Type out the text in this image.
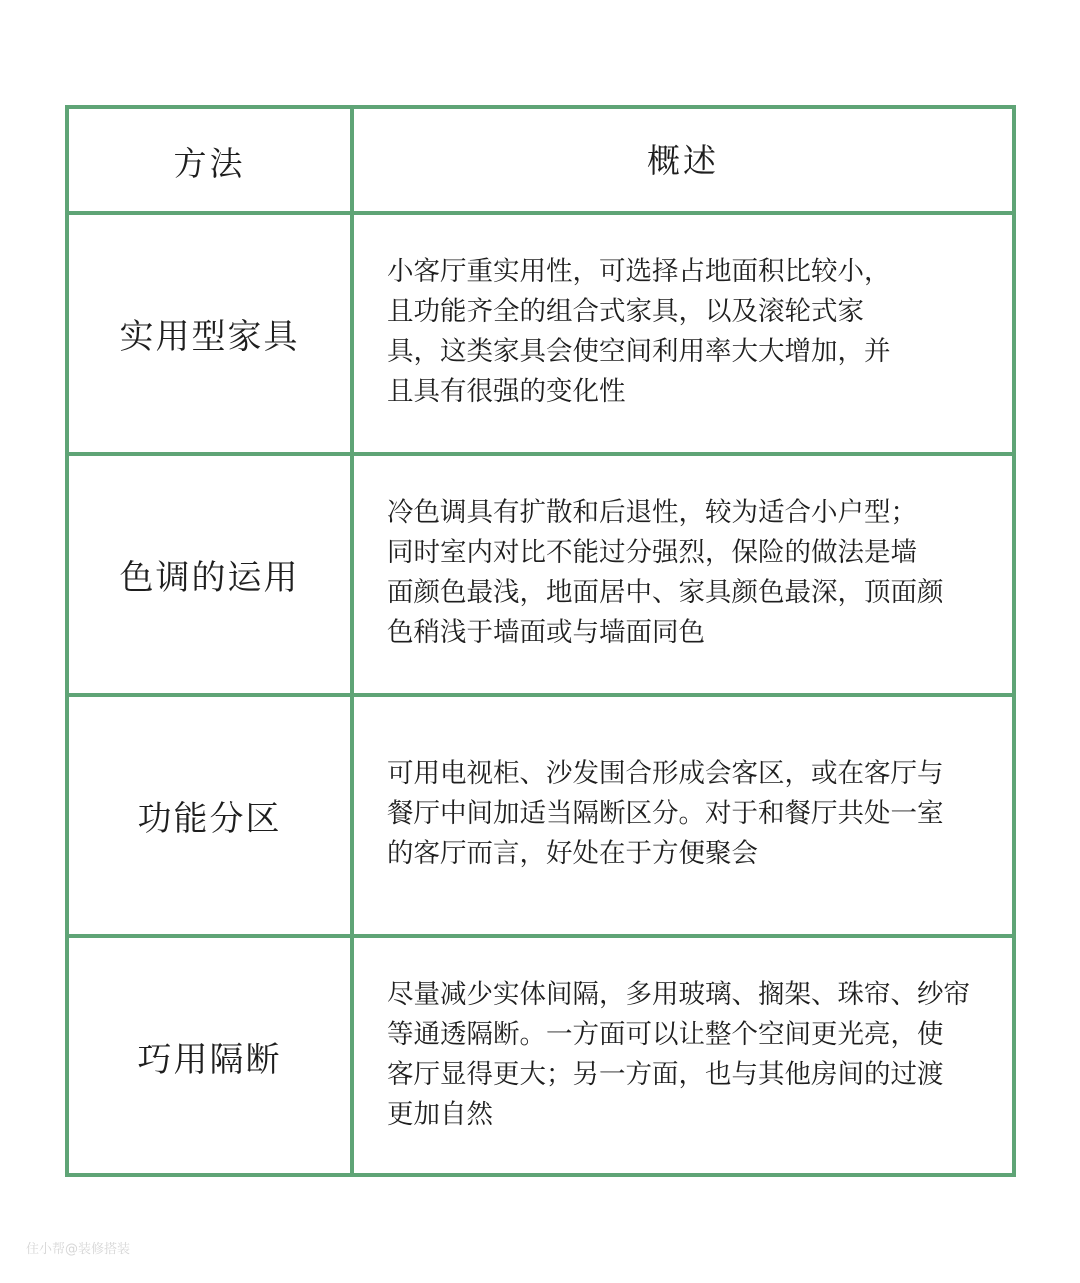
方法	概述
实用型家具
小客厅重实用性，可选择占地面积比较小，
且功能齐全的组合式家具，以及滚轮式家
具，这类家具会使空间利用率大大增加，并
且具有很强的变化性
色调的运用
冷色调具有扩散和后退性，较为适合小户型；
同时室内对比不能过分强烈，保险的做法是墙
面颜色最浅，地面居中、家具颜色最深，顶面颜
色稍浅于墙面或与墙面同色
功能分区
可用电视柜、沙发围合形成会客区，或在客厅与
餐厅中间加适当隔断区分。对于和餐厅共处一室
的客厅而言，好处在于方便聚会
巧用隔断
尽量减少实体间隔，多用玻璃、搁架、珠帘、纱帘
等通透隔断。一方面可以让整个空间更光亮，使
客厅显得更大；另一方面，也与其他房间的过渡
更加自然
住小帮@装修搭装
